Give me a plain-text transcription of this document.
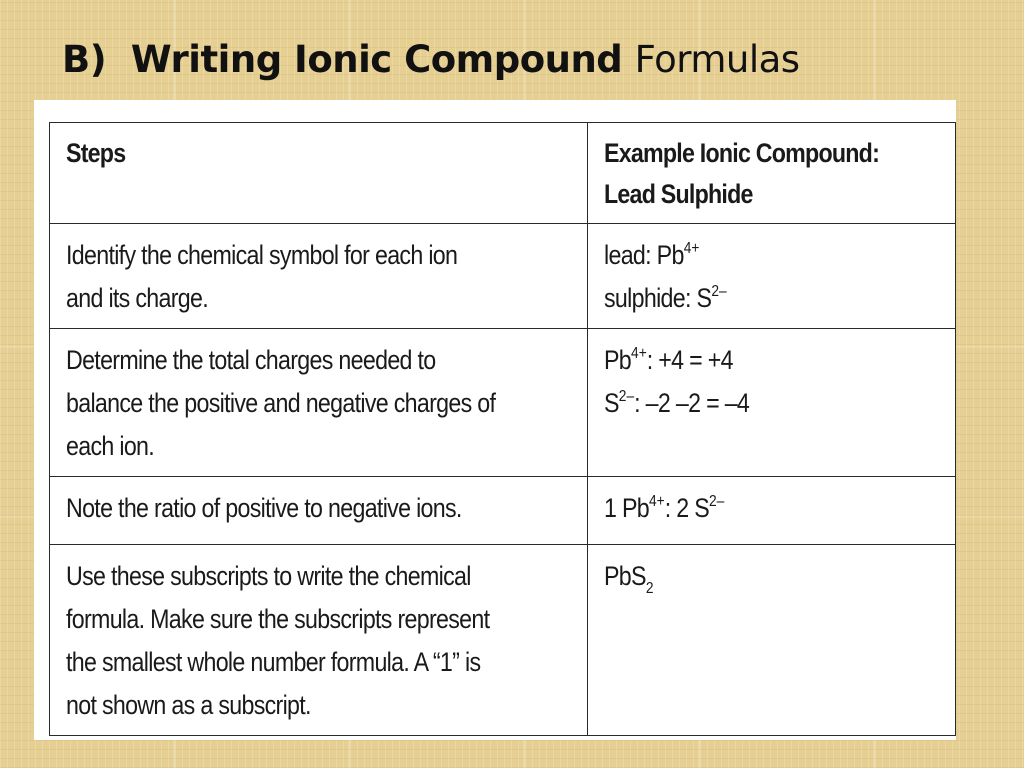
B) Writing Ionic Compound Formulas
Steps	Example Ionic Compound:
Lead Sulphide
Identify the chemical symbol for each ion
and its charge.	lead: $Pb^{4+}$
sulphide: $S^{2-}$
Determine the total charges needed to
balance the positive and negative charges of
each ion.	$Pb^{4+}$: +4 = +4
$S^{2-}$: –2 –2 = –4
Note the ratio of positive to negative ions.	1 $Pb^{4+}$: 2 $S^{2-}$
Use these subscripts to write the chemical
formula. Make sure the subscripts represent
the smallest whole number formula. A “1” is
not shown as a subscript.	PbS$_2$
